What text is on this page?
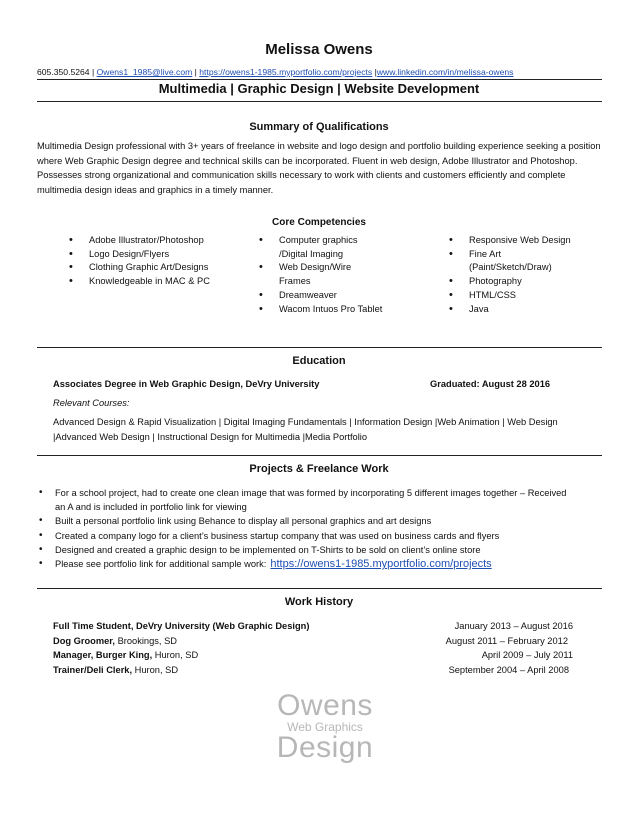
Melissa Owens
605.350.5264 | Owens1_1985@live.com | https://owens1-1985.myportfolio.com/projects |www.linkedin.com/in/melissa-owens
Multimedia | Graphic Design | Website Development
Summary of Qualifications
Multimedia Design professional with 3+ years of freelance in website and logo design and portfolio building experience seeking a position where Web Graphic Design degree and technical skills can be incorporated. Fluent in web design, Adobe Illustrator and Photoshop. Possesses strong organizational and communication skills necessary to work with clients and customers efficiently and complete multimedia design ideas and graphics in a timely manner.
Core Competencies
• Adobe Illustrator/Photoshop
• Logo Design/Flyers
• Clothing Graphic Art/Designs
• Knowledgeable in MAC & PC
• Computer graphics /Digital Imaging
• Web Design/Wire Frames
• Dreamweaver
• Wacom Intuos Pro Tablet
• Responsive Web Design
• Fine Art (Paint/Sketch/Draw)
• Photography
• HTML/CSS
• Java
Education
Associates Degree in Web Graphic Design, DeVry University	Graduated: August 28 2016
Relevant Courses:
Advanced Design & Rapid Visualization | Digital Imaging Fundamentals | Information Design |Web Animation | Web Design |Advanced Web Design | Instructional Design for Multimedia |Media Portfolio
Projects & Freelance Work
• For a school project, had to create one clean image that was formed by incorporating 5 different images together – Received an A and is included in portfolio link for viewing
• Built a personal portfolio link using Behance to display all personal graphics and art designs
• Created a company logo for a client’s business startup company that was used on business cards and flyers
• Designed and created a graphic design to be implemented on T-Shirts to be sold on client’s online store
• Please see portfolio link for additional sample work: https://owens1-1985.myportfolio.com/projects
Work History
Full Time Student, DeVry University (Web Graphic Design)	January 2013 – August 2016
Dog Groomer, Brookings, SD	August 2011 – February 2012
Manager, Burger King, Huron, SD	April 2009 – July 2011
Trainer/Deli Clerk, Huron, SD	September 2004 – April 2008
Owens
Web Graphics
Design
